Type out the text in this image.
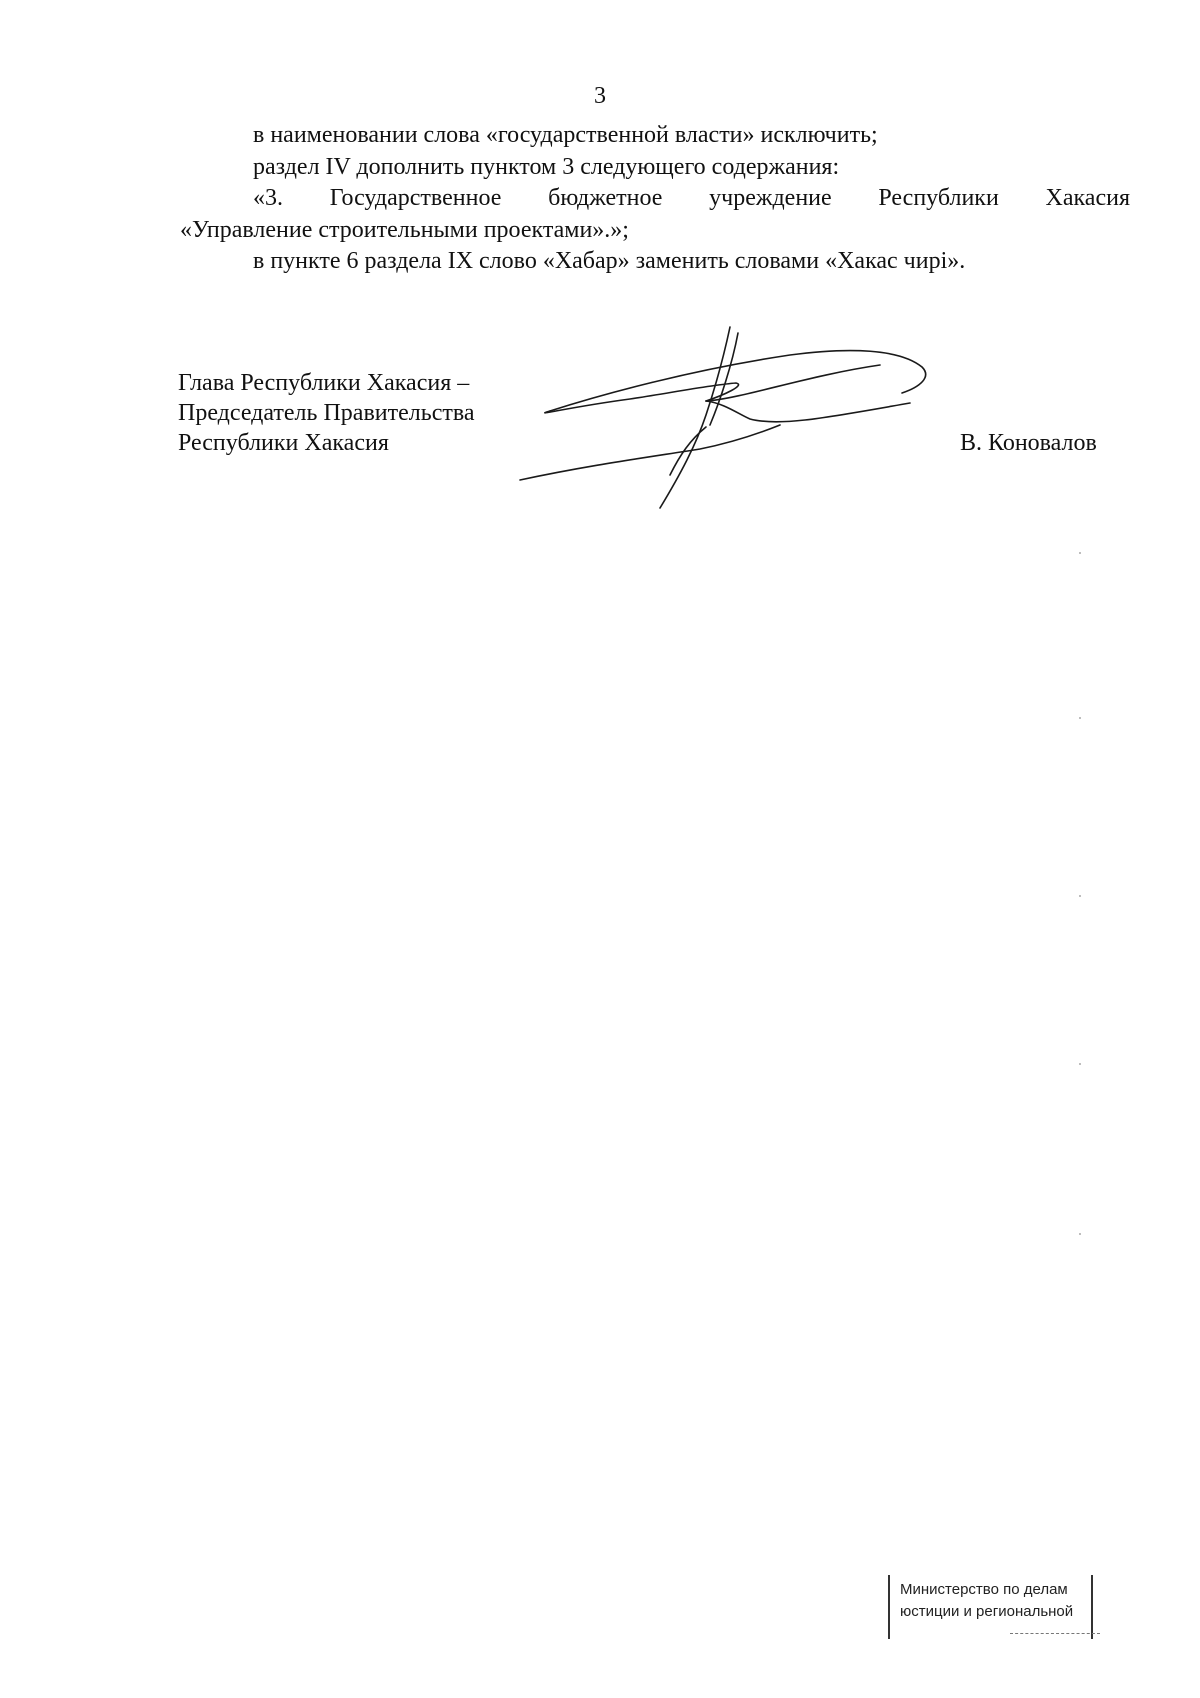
3

в наименовании слова «государственной власти» исключить;

раздел IV дополнить пунктом 3 следующего содержания:

«3. Государственное бюджетное учреждение Республики Хакасия
«Управление строительными проектами».»;

в пункте 6 раздела IX слово «Хабар» заменить словами «Хакас чирі».

Глава Республики Хакасия –
Председатель Правительства
Республики Хакасия	В. Коновалов
Министерство по делам
юстиции и региональной
